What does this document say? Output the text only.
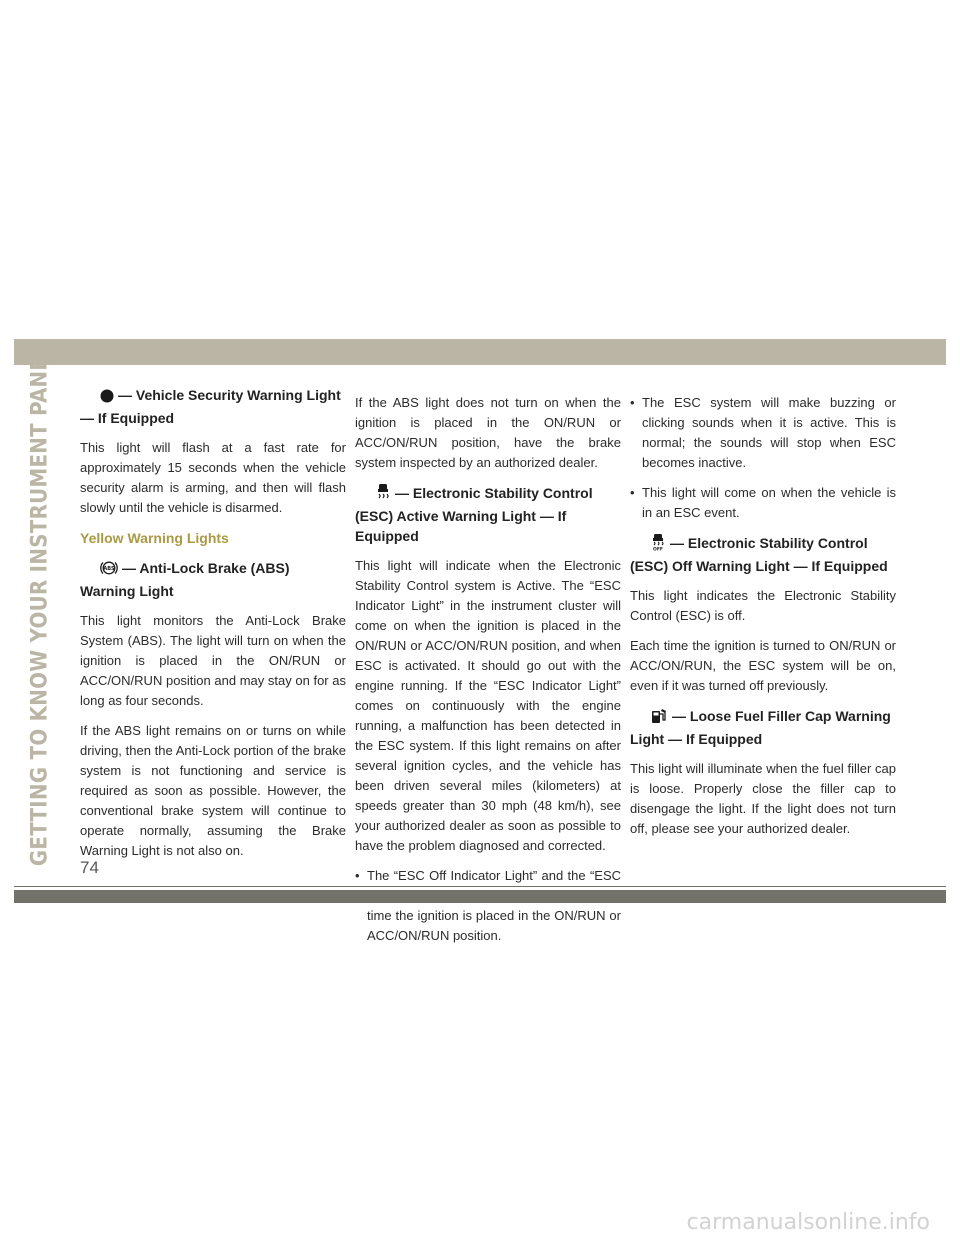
GETTING TO KNOW YOUR INSTRUMENT PANEL	— Vehicle Security Warning Light — If Equipped

This light will flash at a fast rate for approximately 15 seconds when the vehicle security alarm is arming, and then will flash slowly until the vehicle is disarmed.

Yellow Warning Lights
ABS — Anti-Lock Brake (ABS) Warning Light

This light monitors the Anti-Lock Brake System (ABS). The light will turn on when the ignition is placed in the ON/RUN or ACC/ON/RUN position and may stay on for as long as four seconds.

If the ABS light remains on or turns on while driving, then the Anti-Lock portion of the brake system is not functioning and service is required as soon as possible. However, the conventional brake system will continue to operate normally, assuming the Brake Warning Light is not also on.

If the ABS light does not turn on when the ignition is placed in the ON/RUN or ACC/ON/RUN position, have the brake system inspected by an authorized dealer.

— Electronic Stability Control (ESC) Active Warning Light — If Equipped

This light will indicate when the Electronic Stability Control system is Active. The “ESC Indicator Light” in the instrument cluster will come on when the ignition is placed in the ON/RUN or ACC/ON/RUN position, and when ESC is activated. It should go out with the engine running. If the “ESC Indicator Light” comes on continuously with the engine running, a malfunction has been detected in the ESC system. If this light remains on after several ignition cycles, and the vehicle has been driven several miles (kilometers) at speeds greater than 30 mph (48 km/h), see your authorized dealer as soon as possible to have the problem diagnosed and corrected.

• The “ESC Off Indicator Light” and the “ESC time the ignition is placed in the ON/RUN or ACC/ON/RUN position.
• The ESC system will make buzzing or clicking sounds when it is active. This is normal; the sounds will stop when ESC becomes inactive.
• This light will come on when the vehicle is in an ESC event.
OFF — Electronic Stability Control (ESC) Off Warning Light — If Equipped

This light indicates the Electronic Stability Control (ESC) is off.

Each time the ignition is turned to ON/RUN or ACC/ON/RUN, the ESC system will be on, even if it was turned off previously.

— Loose Fuel Filler Cap Warning Light — If Equipped

This light will illuminate when the fuel filler cap is loose. Properly close the filler cap to disengage the light. If the light does not turn off, please see your authorized dealer.

74
carmanualsonline.info
